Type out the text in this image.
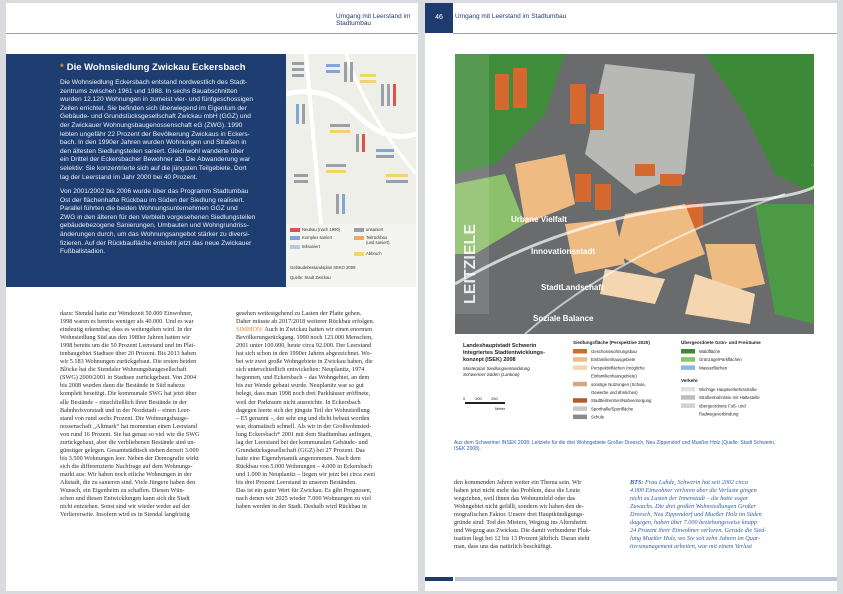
Umgang mit Leerstand im Stadtumbau
* Die Wohnsiedlung Zwickau Eckersbach

Die Wohnsiedlung Eckersbach entstand nordwestlich des Stadt-
zentrums zwischen 1961 und 1988. In sechs Bauabschnitten
wurden 12.120 Wohnungen in zumeist vier- und fünfgeschossigen
Zeilen errichtet. Sie befinden sich überwiegend im Eigentum der
Gebäude- und Grundstücksgesellschaft Zwickau mbH (GGZ) und
der Zwickauer Wohnungsbaugenossenschaft eG (ZWG). 1990
lebten ungefähr 22 Prozent der Bevölkerung Zwickaus in Eckers-
bach. In den 1990er Jahren wurden Wohnungen und Straßen in
den ältesten Siedlungsteilen saniert. Gleichwohl wanderte über
ein Drittel der Eckersbacher Bewohner ab. Die Abwanderung war
selektiv: Sie konzentrierte sich auf die jüngsten Teilgebiete. Dort
lag der Leerstand im Jahr 2000 bei 40 Prozent.

Von 2001/2002 bis 2006 wurde über das Programm Stadtumbau
Ost der flächenhafte Rückbau im Süden der Siedlung realisiert.
Parallel führten die beiden Wohnungsunternehmen GGZ und
ZWG in den älteren für den Verbleib vorgesehenen Siedlungsteilen
gebäudebezogene Sanierungen, Umbauten und Wohngrundriss-
änderungen durch, um das Wohnungsangebot stärker zu diversi-
fizieren. Auf der Rückbaufläche entsteht jetzt das neue Zwickauer
Fußballstadion.

Neubau (nach 1990)	unsaniert
Komplex saniert	Teilrückbau
(und saniert)
teilsaniert
Abbruch
Gebäudebestandsplan SEKO 2009
Quelle: Stadt Zwickau

dazu: Stendal hatte zur Wendezeit 50.000 Einwohner,
1998 waren es bereits weniger als 40.000. Und es war
eindeutig erkennbar, dass es weitergehen wird. In der
Wohnsiedlung Süd aus den 1980er Jahren hatten wir
1998 bereits um die 50 Prozent Leerstand und im Plat-
tenbaugebiet Stadtsee über 20 Prozent. Bis 2013 haben
wir 5.183 Wohnungen zurückgebaut. Die ersten beiden
Blöcke hat die Stendaler Wohnungsbaugesellschaft
(SWG) 2000/2001 in Stadtsee zurückgebaut. Von 2004
bis 2008 wurden dann die Bestände in Süd nahezu
komplett beseitigt. Die kommunale SWG hat jetzt über
alle Bestände – einschließlich ihrer Bestände in der
Bahnhofsvorstadt und in der Nordstadt – einen Leer-
stand von rund sechs Prozent. Die Wohnungsbauge-
nossenschaft „Altmark“ hat momentan einen Leerstand
von rund 16 Prozent. Sie hat genau so viel wie die SWG
zurückgebaut, aber die verbliebenen Bestände sind un-
günstiger gelegen. Gesamtstädtisch stehen derzeit 3.000
bis 3.500 Wohnungen leer. Neben der Demografie wirkt
sich die differenzierte Nachfrage auf dem Wohnungs-
markt aus: Wir haben noch etliche Wohnungen in der
Altstadt, die zu sanieren sind. Viele Jüngere haben den
Wunsch, ein Eigenheim zu schaffen. Diesen Wün-
schen und diesen Entwicklungen kann sich die Stadt
nicht entziehen. Sonst sind wir wieder weder auf der
Verliererseite. Insofern wird es in Stendal langfristig

gesehen weitestgehend zu Lasten der Platte gehen.
Daher müsste ab 2017/2018 weiterer Rückbau erfolgen.
SIMMON: Auch in Zwickau hatten wir einen enormen
Bevölkerungsrückgang. 1990 noch 123.000 Menschen,
2001 unter 100.000, heute circa 92.000. Der Leerstand
hat sich schon in den 1990er Jahren abgezeichnet. Wo-
bei wir zwei große Wohngebiete in Zwickau haben, die
sich unterschiedlich entwickelten: Neuplanitz, 1974
begonnen, und Eckersbach – das Wohngebiet, an dem
bis zur Wende gebaut wurde. Neuplanitz war so gut
belegt, dass man 1998 noch drei Parkhäuser eröffnete,
weil der Parkraum nicht ausreichte. In Eckersbach
dagegen leerte sich der jüngste Teil der Wohnsiedlung
– E5 genannt –, der sehr eng und dicht bebaut worden
war, dramatisch schnell. Als wir in der Großwohnsied-
lung Eckersbach* 2001 mit dem Stadtumbau anfingen,
lag der Leerstand bei der kommunalen Gebäude- und
Grundstücksgesellschaft (GGZ) bei 27 Prozent. Das
hatte eine Eigendynamik angenommen. Nach dem
Rückbau von 5.000 Wohnungen – 4.000 in Eckersbach
und 1.000 in Neuplanitz – liegen wir jetzt bei circa zwei
bis drei Prozent Leerstand in unseren Beständen.
Das ist ein guter Wert für Zwickau. Es gibt Prognosen,
nach denen wir 2025 wieder 7.000 Wohnungen zu viel
haben werden in der Stadt. Deshalb wird Rückbau in

46	Umgang mit Leerstand im Stadtumbau
LEITZIELE
Urbane Vielfalt
Innovationsstadt
StadtLandschaft
Soziale Balance
Landeshauptstadt Schwerin
Integriertes Stadtentwicklungs-
konzept (ISEK) 2008
Masterplan Siedlungsentwicklung
Schweriner Süden (Lankow)
0 100 250
Meter
Siedlungsfläche (Perspektive 2020)
Geschosswohnungsbau
Einfamilienhausgebiete
Perspektivflächen (mögliche
Einfamilienhausgebiete)
sonstige Nutzungen (Schule,
Gewerbe und ähnliches)
Stadtteilzentren/Nahversorgung
Sporthalle/Sportfläche
Schule
Übergeordnete Grün- und Freiräume
Waldfläche
Grünzüge/Parkflächen
Wasserflächen
Verkehr
Wichtige Hauptverkehrsstraße
Straßenbahnlinie mit Haltestelle
übergeordnete Fuß- und
Radwegeverbindung
Aus dem Schweriner INSEK 2008: Leitziele für die drei Wohngebiete Großer Dreesch, Neu Zippendorf und Mueßer Holz (Quelle: Stadt Schwerin,
ISEK 2008).

den kommenden Jahren weiter ein Thema sein. Wir
haben jetzt nicht mehr das Problem, dass die Leute
wegziehen, weil ihnen das Wohnumfeld oder das
Wohngebiet nicht gefällt, sondern wir haben den de-
mografischen Faktor. Unsere drei Hauptkündigungs-
gründe sind: Tod des Mieters, Wegzug ins Altersheim
und Wegzug aus Zwickau. Die damit verbundene Fluk-
tuation liegt bei 12 bis 13 Prozent jährlich. Daran sieht
man, dass uns das natürlich beschäftigt.

BTS: Frau Luhde, Schwerin hat seit 2002 circa
4.000 Einwohner verloren aber die Verluste gingen
nicht zu Lasten der Innenstadt – die hatte sogar
Zuwachs. Die drei großen Wohnsiedlungen Großer
Dreesch, Neu Zippendorf und Mueßer Holz im Süden
dagegen, haben über 7.000 beziehungsweise knapp
24 Prozent ihrer Einwohner verloren. Gerade die Sied-
lung Mueßer Holz, wo Sie seit zehn Jahren im Quar-
tiersmanagement arbeiten, war mit einem Verlust
